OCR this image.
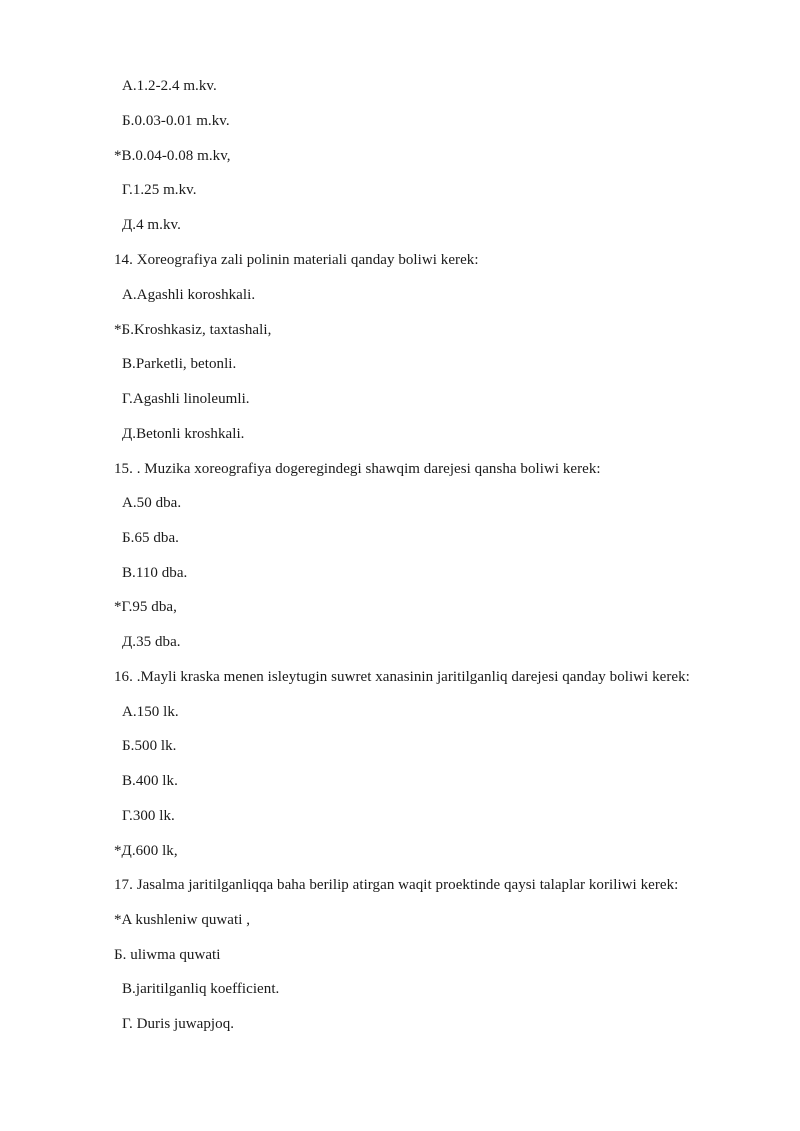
А.1.2-2.4 m.kv.
Б.0.03-0.01 m.kv.
*В.0.04-0.08 m.kv,
Г.1.25 m.kv.
Д.4 m.kv.
14. Xoreografiya zali polinin materiali qanday boliwi kerek:
А.Agashli koroshkali.
*Б.Kroshkasiz, taxtashali,
В.Parketli, betonli.
Г.Agashli linoleumli.
Д.Betonli kroshkali.
15. . Muzika xoreografiya dogeregindegi shawqim darejesi qansha boliwi kerek:
А.50 dba.
Б.65 dba.
В.110 dba.
*Г.95 dba,
Д.35 dba.
16. .Mayli kraska menen isleytugin suwret xanasinin jaritilganliq darejesi qanday boliwi kerek:
А.150 lk.
Б.500 lk.
В.400 lk.
Г.300 lk.
*Д.600 lk,
17. Jasalma jaritilganliqqa baha berilip atirgan waqit proektinde qaysi talaplar koriliwi kerek:
*A kushleniw quwati ,
Б. uliwma quwati
В.jaritilganliq koefficient.
Г. Duris juwapjoq.
